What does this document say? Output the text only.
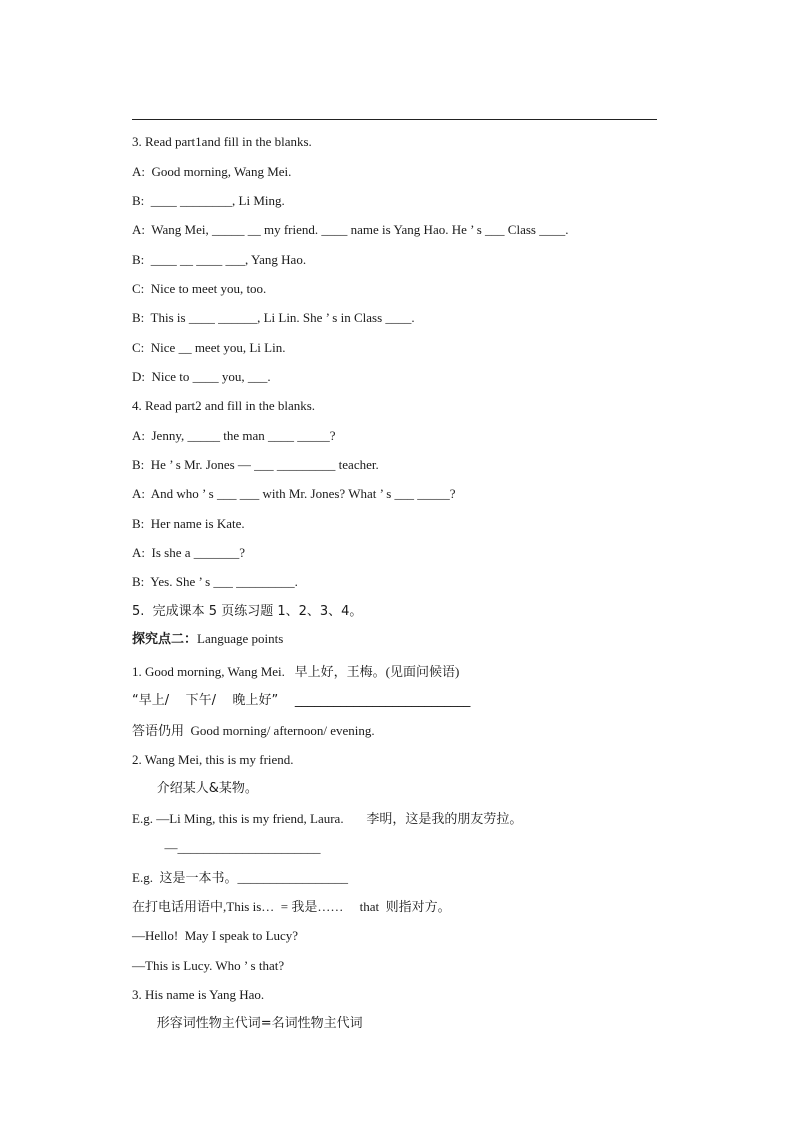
3. Read part1and fill in the blanks.
A:  Good morning, Wang Mei.
B:  ____ ________, Li Ming.
A:  Wang Mei, _____ __ my friend. ____ name is Yang Hao. He ’ s ___ Class ____.
B:  ____ __ ____ ___, Yang Hao.
C:  Nice to meet you, too.
B:  This is ____ ______, Li Lin. She ’ s in Class ____.
C:  Nice __ meet you, Li Lin.
D:  Nice to ____ you, ___.
4. Read part2 and fill in the blanks.
A:  Jenny, _____ the man ____ _____?
B:  He ’ s Mr. Jones — ___ _________ teacher.
A:  And who ’ s ___ ___ with Mr. Jones? What ’ s ___ _____?
B:  Her name is Kate.
A:  Is she a _______?
B:  Yes. She ’ s ___ _________.
5.  完成课本 5 页练习题 1、2、3、4。
探究点二：Language points
1. Good morning, Wang Mei.   早上好，王梅。(见面问候语)
“早上/    下午/    晚上好”    ___________________________
答语仍用  Good morning/ afternoon/ evening.
2. Wang Mei, this is my friend.
介绍某人&某物。
E.g. —Li Ming, this is my friend, Laura.       李明，这是我的朋友劳拉。
—______________________
E.g.  这是一本书。_________________
在打电话用语中,This is…  = 我是……     that  则指对方。
—Hello!  May I speak to Lucy?
—This is Lucy. Who ’ s that?
3. His name is Yang Hao.
形容词性物主代词=名词性物主代词
